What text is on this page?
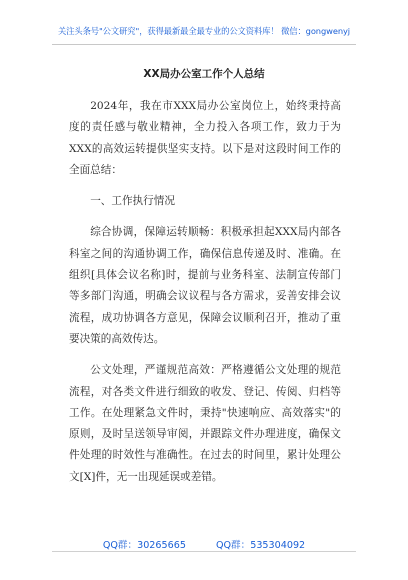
关注头条号"公文研究"，获得最新最全最专业的公文资料库！ 微信：gongwenyj
XX局办公室工作个人总结

2024年，我在市XXX局办公室岗位上，始终秉持高度的责任感与敬业精神，全力投入各项工作，致力于为XXX的高效运转提供坚实支持。以下是对这段时间工作的全面总结：

一、工作执行情况

综合协调，保障运转顺畅：积极承担起XXX局内部各科室之间的沟通协调工作，确保信息传递及时、准确。在组织[具体会议名称]时，提前与业务科室、法制宣传部门等多部门沟通，明确会议议程与各方需求，妥善安排会议流程，成功协调各方意见，保障会议顺利召开，推动了重要决策的高效传达。

公文处理，严谨规范高效：严格遵循公文处理的规范流程，对各类文件进行细致的收发、登记、传阅、归档等工作。在处理紧急文件时，秉持"快速响应、高效落实"的原则，及时呈送领导审阅，并跟踪文件办理进度，确保文件处理的时效性与准确性。在过去的时间里，累计处理公文[X]件，无一出现延误或差错。

QQ群：30265665	QQ群：535304092
